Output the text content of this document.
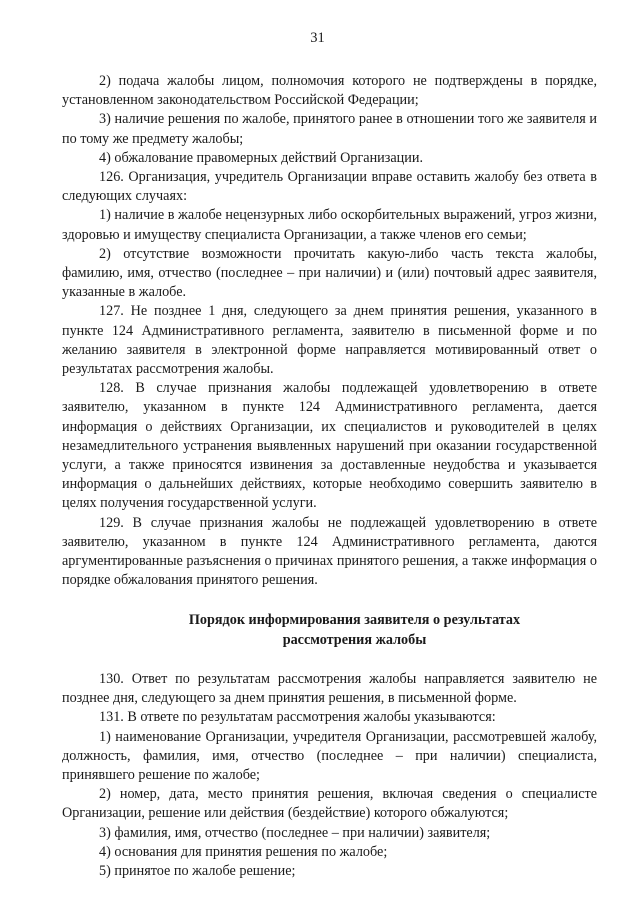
31

2) подача жалобы лицом, полномочия которого не подтверждены в порядке, установленном законодательством Российской Федерации;

3) наличие решения по жалобе, принятого ранее в отношении того же заявителя и по тому же предмету жалобы;

4) обжалование правомерных действий Организации.

126. Организация, учредитель Организации вправе оставить жалобу без ответа в следующих случаях:

1) наличие в жалобе нецензурных либо оскорбительных выражений, угроз жизни, здоровью и имуществу специалиста Организации, а также членов его семьи;

2) отсутствие возможности прочитать какую-либо часть текста жалобы, фамилию, имя, отчество (последнее – при наличии) и (или) почтовый адрес заявителя, указанные в жалобе.

127. Не позднее 1 дня, следующего за днем принятия решения, указанного в пункте 124 Административного регламента, заявителю в письменной форме и по желанию заявителя в электронной форме направляется мотивированный ответ о результатах рассмотрения жалобы.

128. В случае признания жалобы подлежащей удовлетворению в ответе заявителю, указанном в пункте 124 Административного регламента, дается информация о действиях Организации, их специалистов и руководителей в целях незамедлительного устранения выявленных нарушений при оказании государственной услуги, а также приносятся извинения за доставленные неудобства и указывается информация о дальнейших действиях, которые необходимо совершить заявителю в целях получения государственной услуги.

129. В случае признания жалобы не подлежащей удовлетворению в ответе заявителю, указанном в пункте 124 Административного регламента, даются аргументированные разъяснения о причинах принятого решения, а также информация о порядке обжалования принятого решения.

Порядок информирования заявителя о результатах
рассмотрения жалобы

130. Ответ по результатам рассмотрения жалобы направляется заявителю не позднее дня, следующего за днем принятия решения, в письменной форме.

131. В ответе по результатам рассмотрения жалобы указываются:

1) наименование Организации, учредителя Организации, рассмотревшей жалобу, должность, фамилия, имя, отчество (последнее – при наличии) специалиста, принявшего решение по жалобе;

2) номер, дата, место принятия решения, включая сведения о специалисте Организации, решение или действия (бездействие) которого обжалуются;

3) фамилия, имя, отчество (последнее – при наличии) заявителя;

4) основания для принятия решения по жалобе;

5) принятое по жалобе решение;
